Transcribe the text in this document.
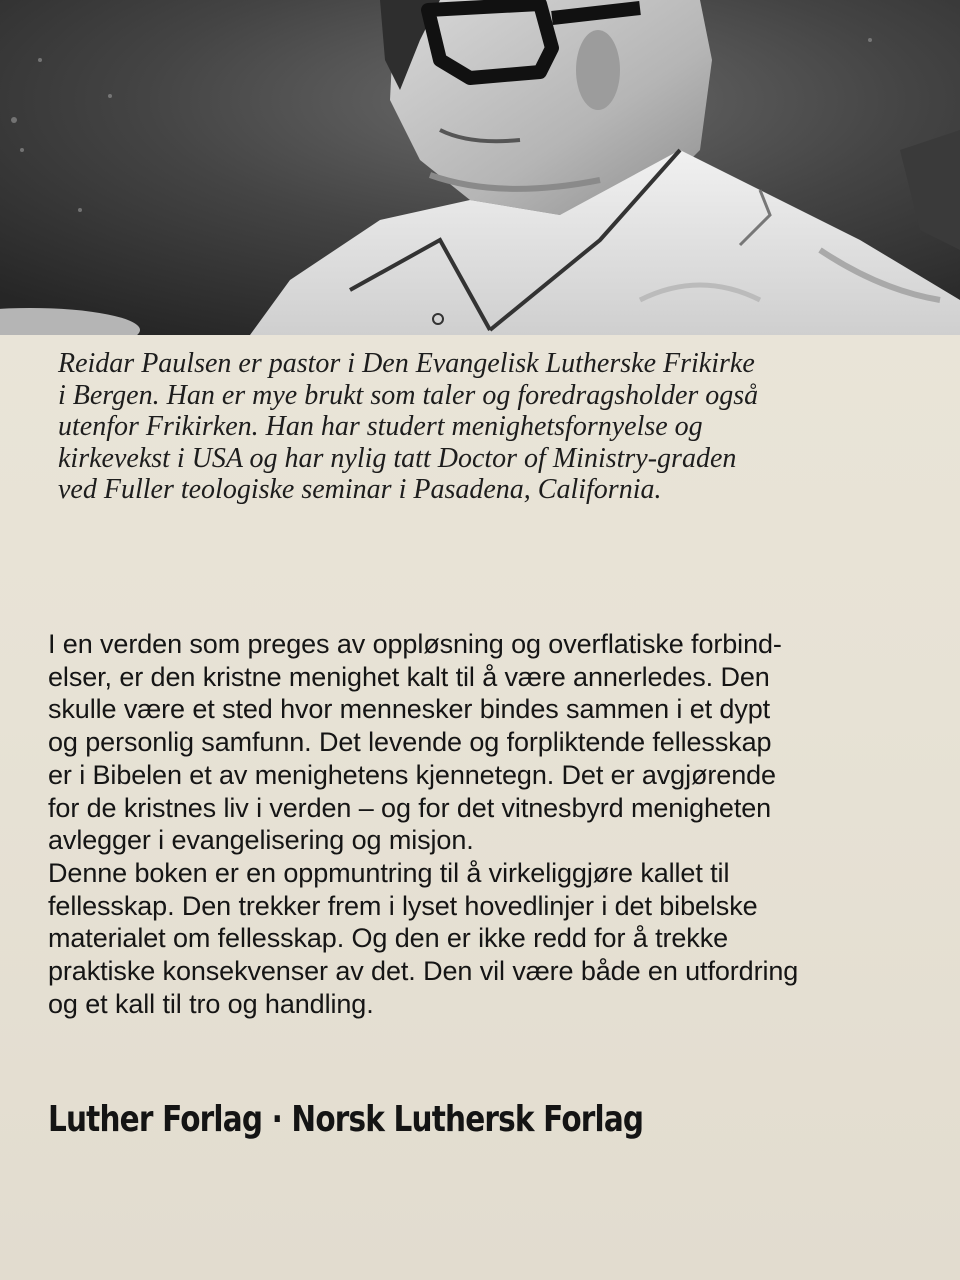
Reidar Paulsen er pastor i Den Evangelisk Lutherske Frikirke
i Bergen. Han er mye brukt som taler og foredragsholder også
utenfor Frikirken. Han har studert menighetsfornyelse og
kirkevekst i USA og har nylig tatt Doctor of Ministry-graden
ved Fuller teologiske seminar i Pasadena, California.
I en verden som preges av oppløsning og overflatiske forbind-
elser, er den kristne menighet kalt til å være annerledes. Den
skulle være et sted hvor mennesker bindes sammen i et dypt
og personlig samfunn. Det levende og forpliktende fellesskap
er i Bibelen et av menighetens kjennetegn. Det er avgjørende
for de kristnes liv i verden – og for det vitnesbyrd menigheten
avlegger i evangelisering og misjon.
Denne boken er en oppmuntring til å virkeliggjøre kallet til
fellesskap. Den trekker frem i lyset hovedlinjer i det bibelske
materialet om fellesskap. Og den er ikke redd for å trekke
praktiske konsekvenser av det. Den vil være både en utfordring
og et kall til tro og handling.
Luther Forlag · Norsk Luthersk Forlag
